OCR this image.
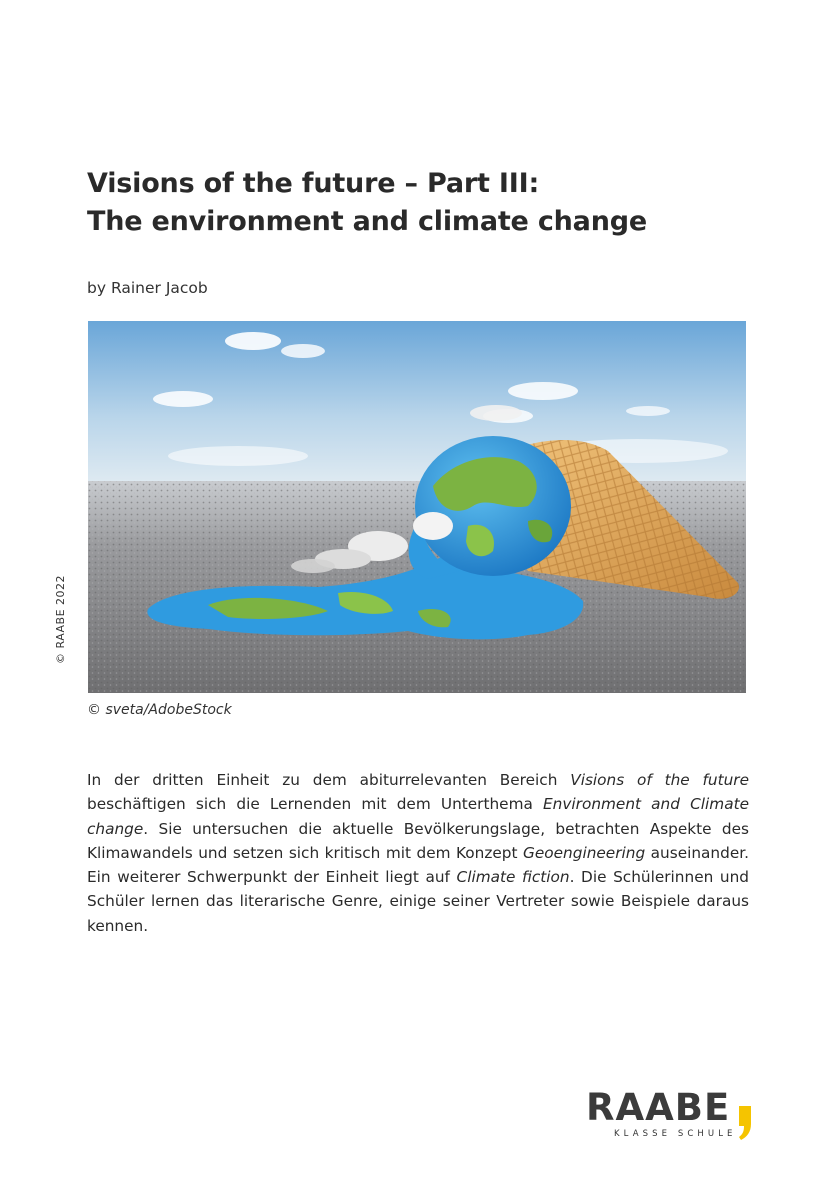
Visions of the future – Part III:
The environment and climate change

by Rainer Jacob

© sveta/AdobeStock

© RAABE 2022

In der dritten Einheit zu dem abiturrelevanten Bereich Visions of the future beschäftigen sich die Lernenden mit dem Unterthema Environment and Climate change. Sie untersuchen die aktuelle Bevölkerungslage, betrachten Aspekte des Klimawandels und setzen sich kritisch mit dem Konzept Geoengineering auseinander. Ein weiterer Schwerpunkt der Einheit liegt auf Climate fiction. Die Schülerinnen und Schüler lernen das literarische Genre, einige seiner Vertreter sowie Beispiele daraus kennen.

RAABE
KLASSE SCHULE
